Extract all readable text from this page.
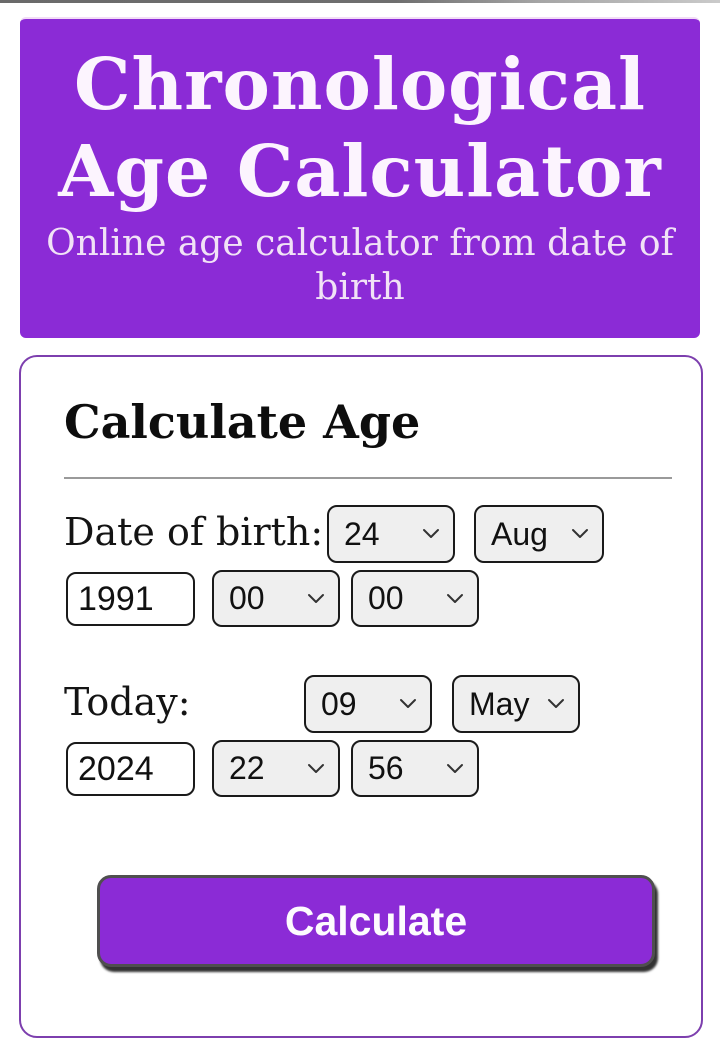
Chronological Age Calculator
Online age calculator from date of birth
Calculate Age
Date of birth: 24	Aug
1991
00	00
Today:	09	May
2024
22	56
Calculate
